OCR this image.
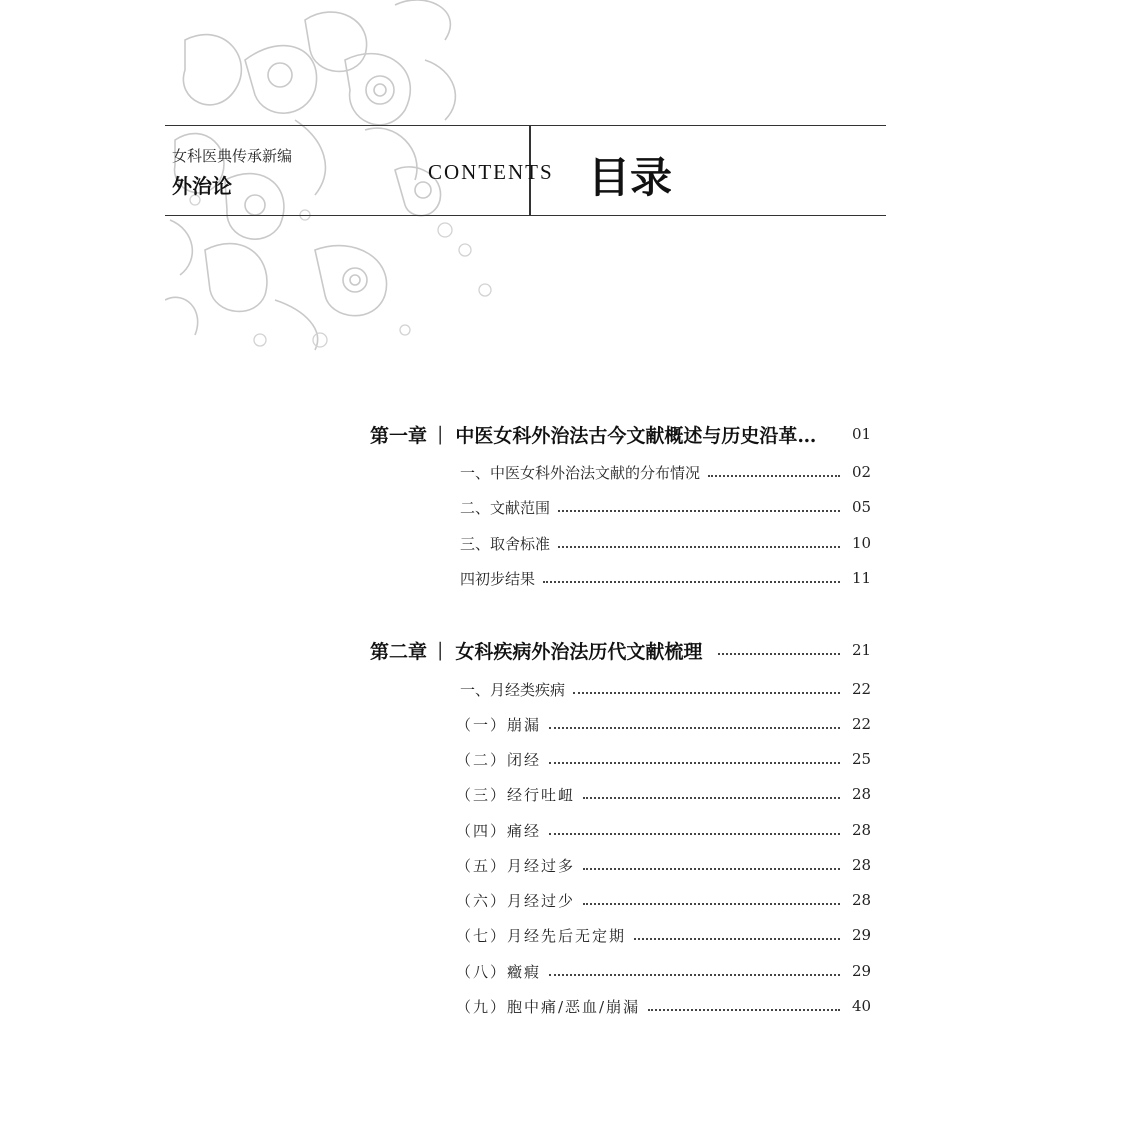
女科医典传承新编
外治论
CONTENTS 目录
第一章 | 中医女科外治法古今文献概述与历史沿革… 01
一、中医女科外治法文献的分布情况	02
二、文献范围	05
三、取舍标准	10
四初步结果	11
第二章 | 女科疾病外治法历代文献梳理	21
一、月经类疾病	22
（一）崩漏	22
（二）闭经	25
（三）经行吐衄	28
（四）痛经	28
（五）月经过多	28
（六）月经过少	28
（七）月经先后无定期	29
（八）癥瘕	29
（九）胞中痛/恶血/崩漏	40
